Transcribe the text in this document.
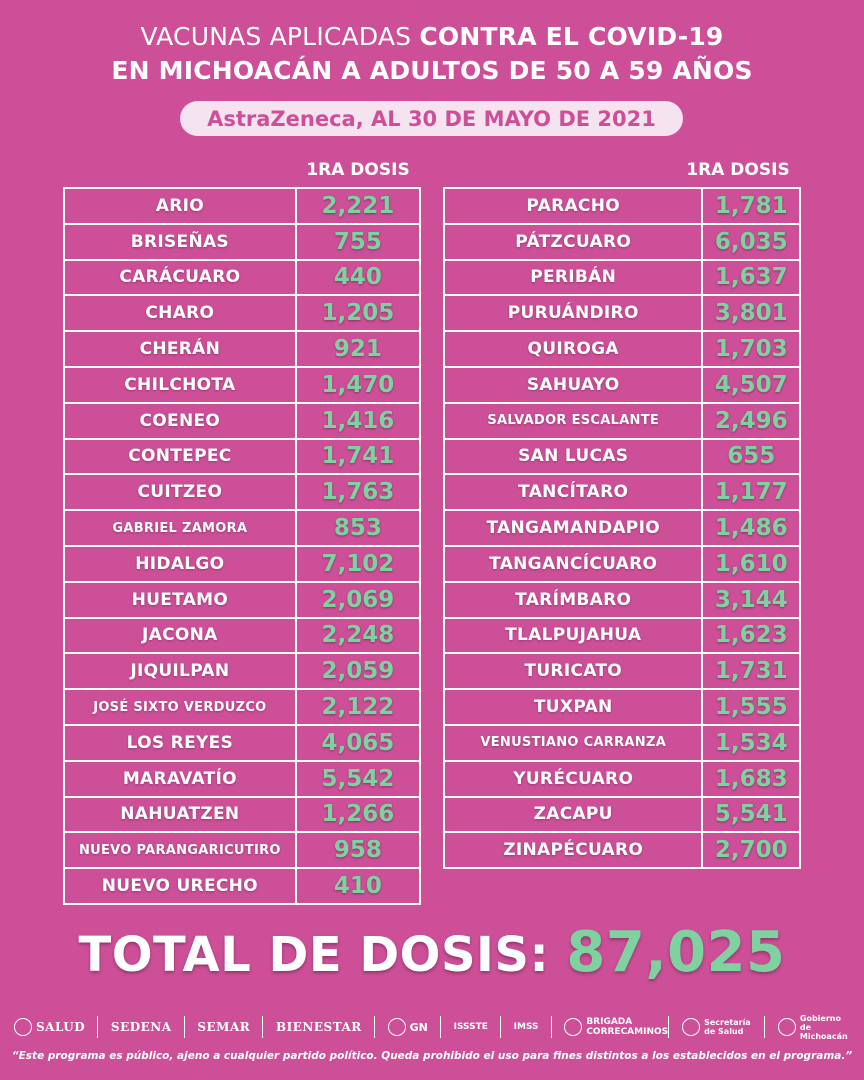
VACUNAS APLICADAS CONTRA EL COVID-19
EN MICHOACÁN A ADULTOS DE 50 A 59 AÑOS
AstraZeneca, AL 30 DE MAYO DE 2021
1RA DOSIS	1RA DOSIS
ARIO	2,221
BRISEÑAS	755
CARÁCUARO	440
CHARO	1,205
CHERÁN	921
CHILCHOTA	1,470
COENEO	1,416
CONTEPEC	1,741
CUITZEO	1,763
GABRIEL ZAMORA	853
HIDALGO	7,102
HUETAMO	2,069
JACONA	2,248
JIQUILPAN	2,059
JOSÉ SIXTO VERDUZCO	2,122
LOS REYES	4,065
MARAVATÍO	5,542
NAHUATZEN	1,266
NUEVO PARANGARICUTIRO	958
NUEVO URECHO	410
PARACHO	1,781
PÁTZCUARO	6,035
PERIBÁN	1,637
PURUÁNDIRO	3,801
QUIROGA	1,703
SAHUAYO	4,507
SALVADOR ESCALANTE	2,496
SAN LUCAS	655
TANCÍTARO	1,177
TANGAMANDAPIO	1,486
TANGANCÍCUARO	1,610
TARÍMBARO	3,144
TLALPUJAHUA	1,623
TURICATO	1,731
TUXPAN	1,555
VENUSTIANO CARRANZA	1,534
YURÉCUARO	1,683
ZACAPU	5,541
ZINAPÉCUARO	2,700
TOTAL DE DOSIS: 87,025
SALUD SEDENA SEMAR BIENESTAR	GN	ISSSTE	IMSS	BRIGADA CORRECAMINOS
Secretaría de Salud
Gobierno de Michoacán
“Este programa es público, ajeno a cualquier partido político. Queda prohibido el uso para fines distintos a los establecidos en el programa.”
